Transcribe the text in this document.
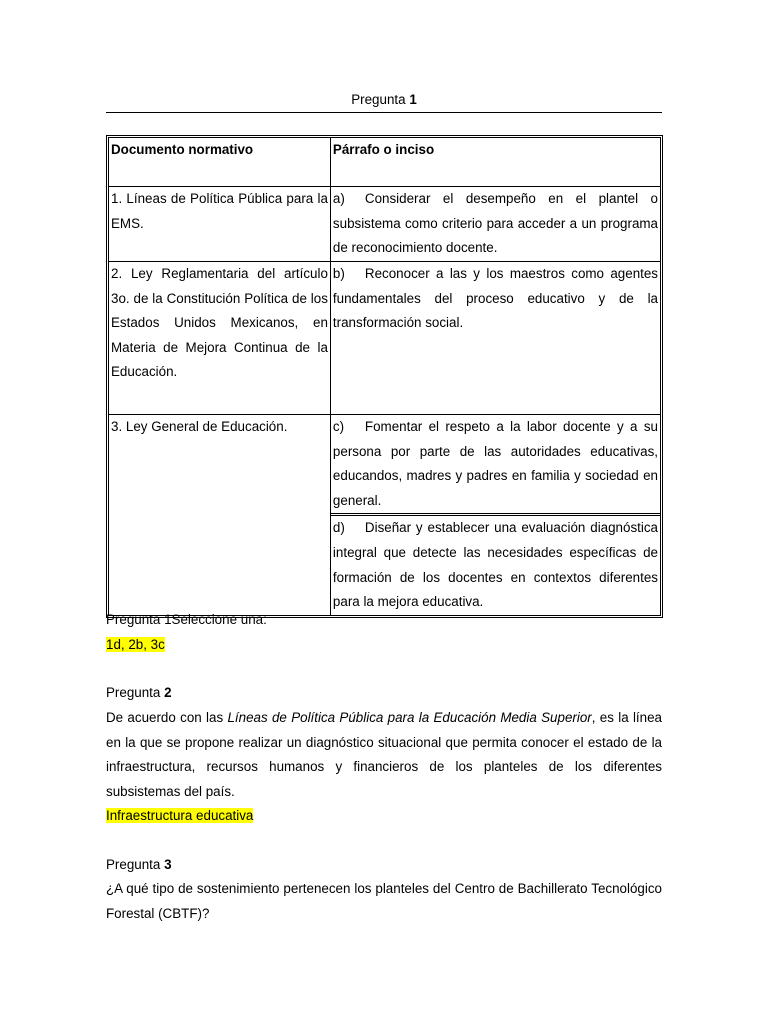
Pregunta 1
Documento normativo	Párrafo o inciso
1. Líneas de Política Pública para la EMS.	a) Considerar el desempeño en el plantel o subsistema como criterio para acceder a un programa de reconocimiento docente.
2. Ley Reglamentaria del artículo 3o. de la Constitución Política de los Estados Unidos Mexicanos, en Materia de Mejora Continua de la Educación.	b) Reconocer a las y los maestros como agentes fundamentales del proceso educativo y de la transformación social.
3. Ley General de Educación.	c) Fomentar el respeto a la labor docente y a su persona por parte de las autoridades educativas, educandos, madres y padres en familia y sociedad en general.
	d) Diseñar y establecer una evaluación diagnóstica integral que detecte las necesidades específicas de formación de los docentes en contextos diferentes para la mejora educativa.
Pregunta 1Seleccione una:
1d, 2b, 3c
Pregunta 2
De acuerdo con las Líneas de Política Pública para la Educación Media Superior, es la línea en la que se propone realizar un diagnóstico situacional que permita conocer el estado de la infraestructura, recursos humanos y financieros de los planteles de los diferentes subsistemas del país.
Infraestructura educativa
Pregunta 3
¿A qué tipo de sostenimiento pertenecen los planteles del Centro de Bachillerato Tecnológico Forestal (CBTF)?
